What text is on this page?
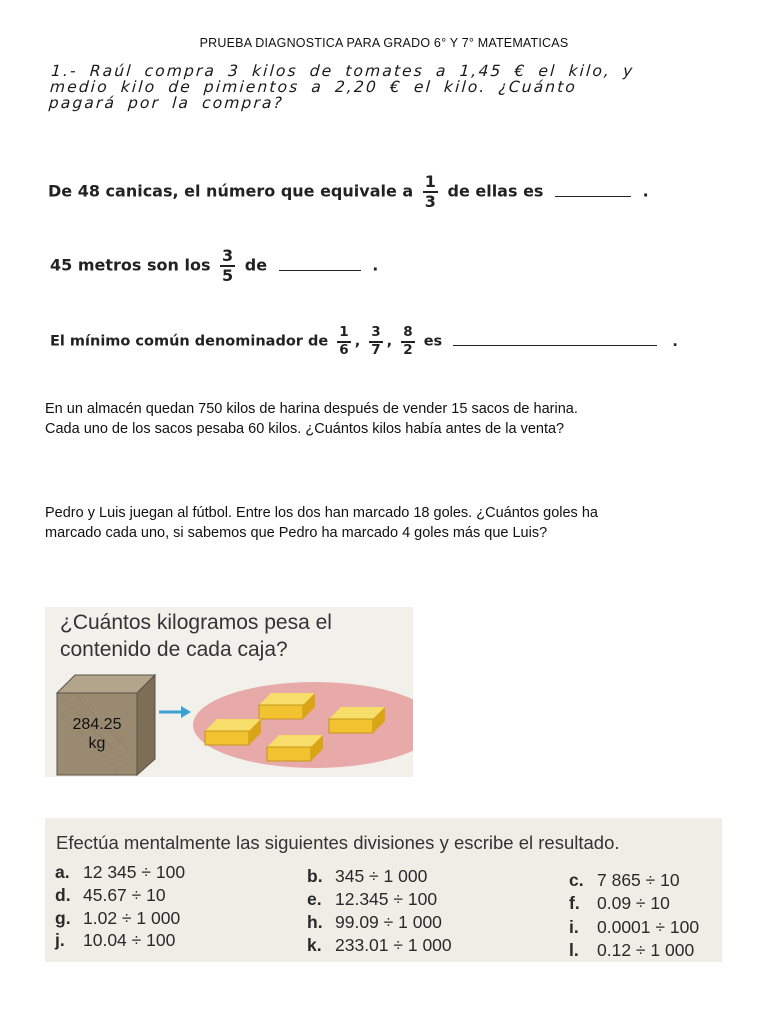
PRUEBA DIAGNOSTICA PARA GRADO 6° Y 7° MATEMATICAS
1.- Raúl compra 3 kilos de tomates a 1,45 € el kilo, y
medio kilo de pimientos a 2,20 € el kilo. ¿Cuánto
pagará por la compra?
De 48 canicas, el número que equivale a $\frac{1}{3}$ de ellas es	.
45 metros son los $\frac{3}{5}$ de	.
El mínimo común denominador de $\frac{1}{6}$ , $\frac{3}{7}$ , $\frac{8}{2}$ es	.
En un almacén quedan 750 kilos de harina después de vender 15 sacos de harina.
Cada uno de los sacos pesaba 60 kilos. ¿Cuántos kilos había antes de la venta?
Pedro y Luis juegan al fútbol. Entre los dos han marcado 18 goles. ¿Cuántos goles ha
marcado cada uno, si sabemos que Pedro ha marcado 4 goles más que Luis?
¿Cuántos kilogramos pesa el
contenido de cada caja?
284.25
kg
Efectúa mentalmente las siguientes divisiones y escribe el resultado.
a. 12 345 ÷ 100	b. 345 ÷ 1 000	c. 7 865 ÷ 10
d. 45.67 ÷ 10	e. 12.345 ÷ 100	f. 0.09 ÷ 10
g. 1.02 ÷ 1 000	h. 99.09 ÷ 1 000	i. 0.0001 ÷ 100
j. 10.04 ÷ 100	k. 233.01 ÷ 1 000	l. 0.12 ÷ 1 000
